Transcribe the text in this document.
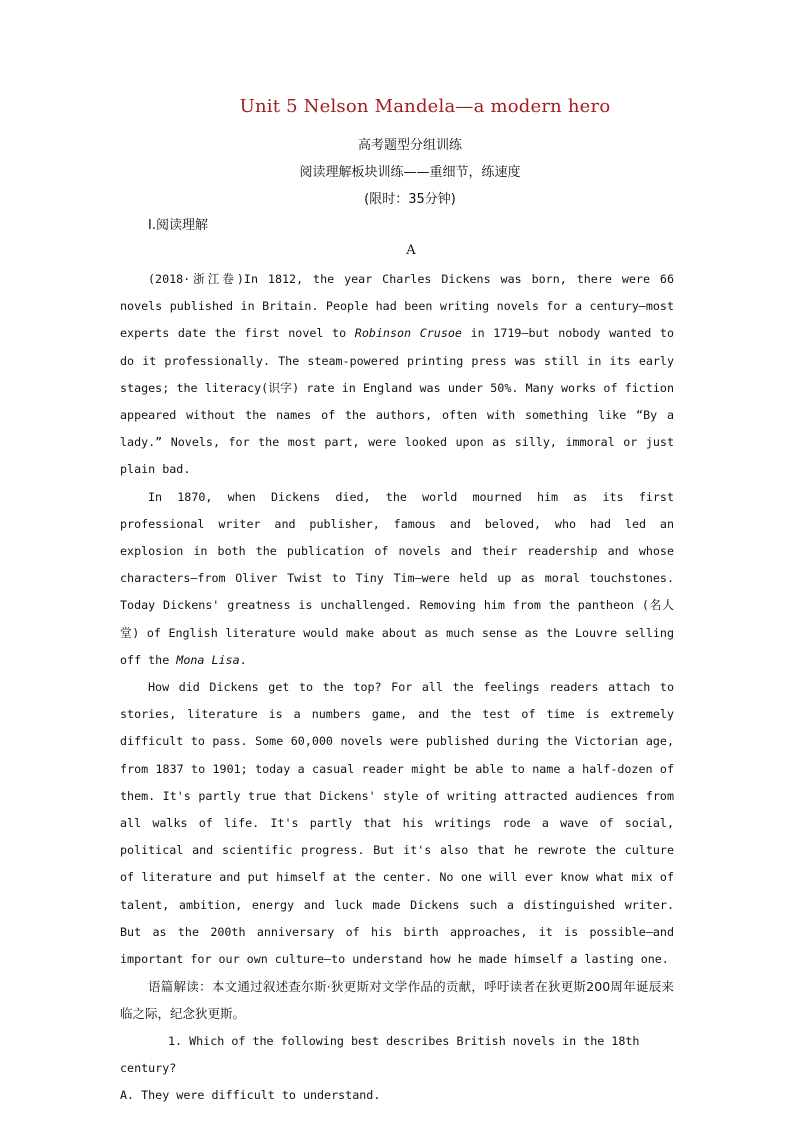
Unit 5 Nelson Mandela—a modern hero
高考题型分组训练
阅读理解板块训练——重细节，练速度
(限时：35分钟)
Ⅰ.阅读理解
A

(2018·浙江卷)In 1812, the year Charles Dickens was born, there were 66 novels published in Britain. People had been writing novels for a century—most experts date the first novel to Robinson Crusoe in 1719—but nobody wanted to do it professionally. The steam-powered printing press was still in its early stages; the literacy(识字) rate in England was under 50%. Many works of fiction appeared without the names of the authors, often with something like “By a lady.” Novels, for the most part, were looked upon as silly, immoral or just plain bad.

In 1870, when Dickens died, the world mourned him as its first professional writer and publisher, famous and beloved, who had led an explosion in both the publication of novels and their readership and whose characters—from Oliver Twist to Tiny Tim—were held up as moral touchstones. Today Dickens' greatness is unchallenged. Removing him from the pantheon (名人堂) of English literature would make about as much sense as the Louvre selling off the Mona Lisa.

How did Dickens get to the top? For all the feelings readers attach to stories, literature is a numbers game, and the test of time is extremely difficult to pass. Some 60,000 novels were published during the Victorian age, from 1837 to 1901; today a casual reader might be able to name a half-dozen of them. It's partly true that Dickens' style of writing attracted audiences from all walks of life. It's partly that his writings rode a wave of social, political and scientific progress. But it's also that he rewrote the culture of literature and put himself at the center. No one will ever know what mix of talent, ambition, energy and luck made Dickens such a distinguished writer. But as the 200th anniversary of his birth approaches, it is possible—and important for our own culture—to understand how he made himself a lasting one.

语篇解读：本文通过叙述查尔斯·狄更斯对文学作品的贡献，呼吁读者在狄更斯200周年诞辰来临之际，纪念狄更斯。

1. Which of the following best describes British novels in the 18th century?

A. They were difficult to understand.
